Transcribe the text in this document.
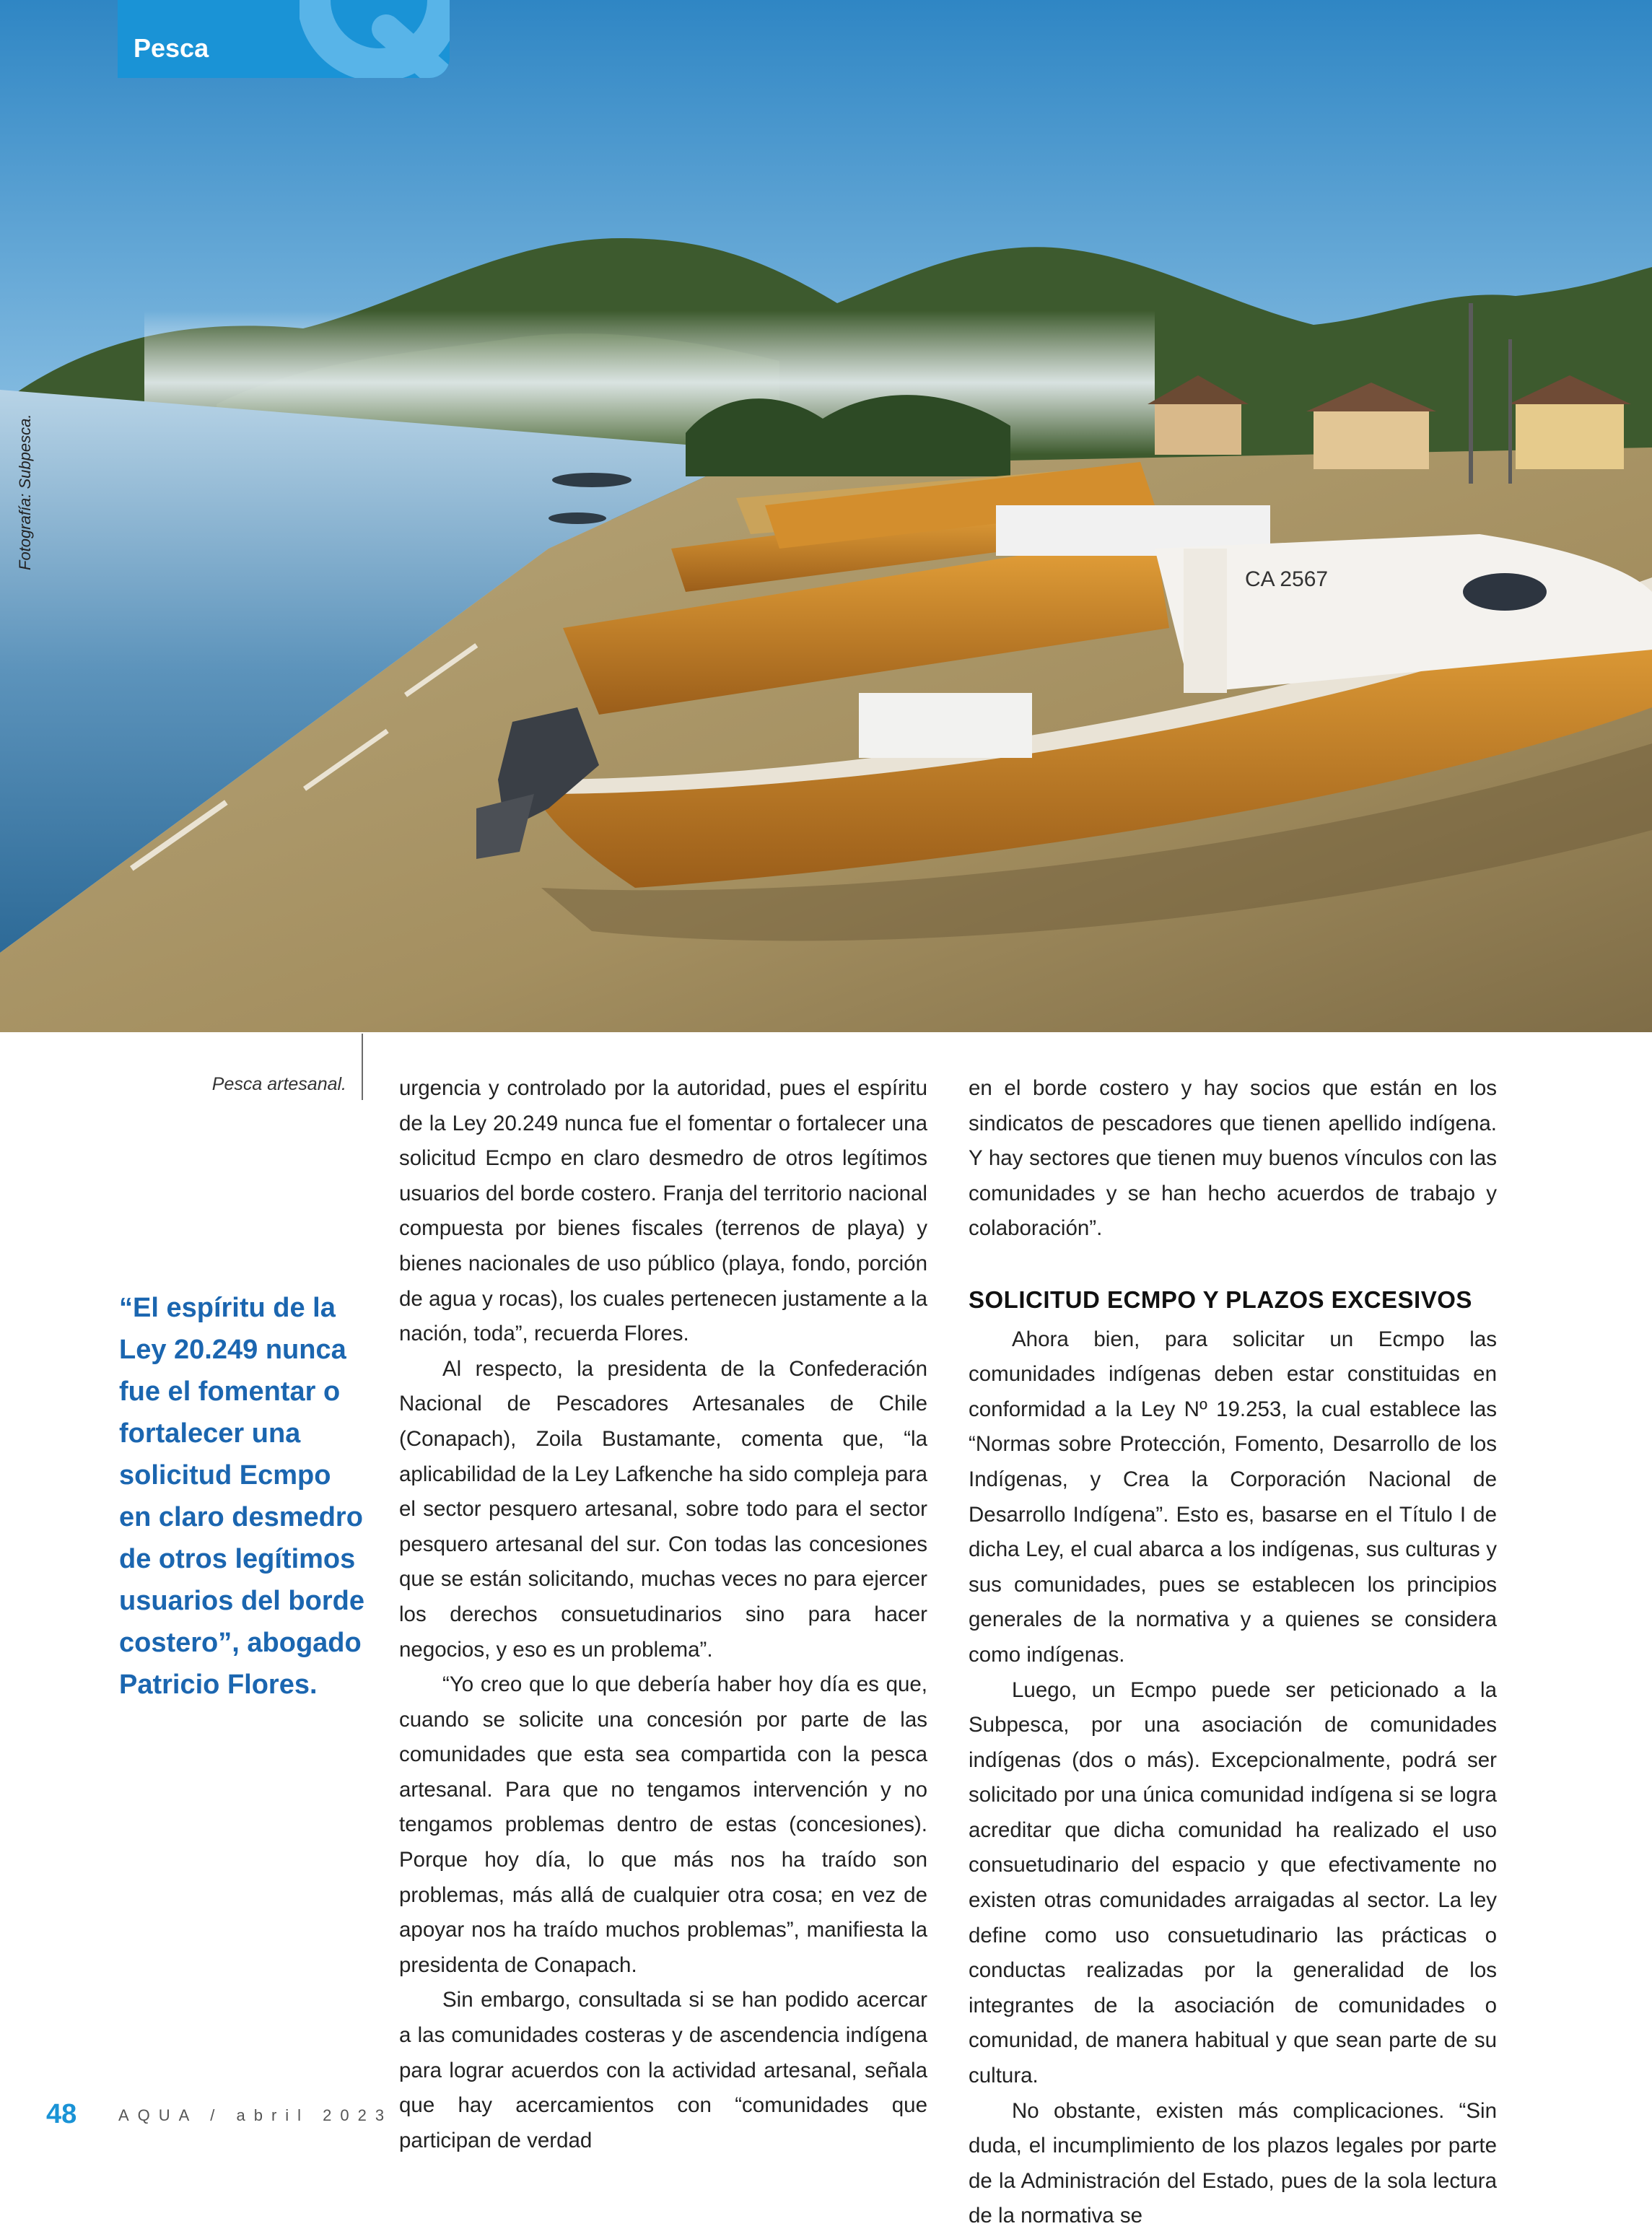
CA 2567
Pesca
Fotografía: Subpesca.
Pesca artesanal.
“El espíritu de la Ley 20.249 nunca fue el fomentar o fortalecer una solicitud Ecmpo en claro desmedro de otros legítimos usuarios del borde costero”, abogado Patricio Flores.

urgencia y controlado por la autoridad, pues el espíritu de la Ley 20.249 nunca fue el fomentar o fortalecer una solicitud Ecmpo en claro desmedro de otros legítimos usuarios del borde costero. Franja del territorio nacional compuesta por bienes fiscales (terrenos de playa) y bienes nacionales de uso público (playa, fondo, porción de agua y rocas), los cuales pertenecen justamente a la nación, toda”, recuerda Flores.

Al respecto, la presidenta de la Confederación Nacional de Pescadores Artesanales de Chile (Conapach), Zoila Bustamante, comenta que, “la aplicabilidad de la Ley Lafkenche ha sido compleja para el sector pesquero artesanal, sobre todo para el sector pesquero artesanal del sur. Con todas las concesiones que se están solicitando, muchas veces no para ejercer los derechos consuetudinarios sino para hacer negocios, y eso es un problema”.

“Yo creo que lo que debería haber hoy día es que, cuando se solicite una concesión por parte de las comunidades que esta sea compartida con la pesca artesanal. Para que no tengamos intervención y no tengamos problemas dentro de estas (concesiones). Porque hoy día, lo que más nos ha traído son problemas, más allá de cualquier otra cosa; en vez de apoyar nos ha traído muchos problemas”, manifiesta la presidenta de Conapach.

Sin embargo, consultada si se han podido acercar a las comunidades costeras y de ascendencia indígena para lograr acuerdos con la actividad artesanal, señala que hay acercamientos con “comunidades que participan de verdad

en el borde costero y hay socios que están en los sindicatos de pescadores que tienen apellido indígena. Y hay sectores que tienen muy buenos vínculos con las comunidades y se han hecho acuerdos de trabajo y colaboración”.

SOLICITUD ECMPO Y PLAZOS EXCESIVOS

Ahora bien, para solicitar un Ecmpo las comunidades indígenas deben estar constituidas en conformidad a la Ley Nº 19.253, la cual establece las “Normas sobre Protección, Fomento, Desarrollo de los Indígenas, y Crea la Corporación Nacional de Desarrollo Indígena”. Esto es, basarse en el Título I de dicha Ley, el cual abarca a los indígenas, sus culturas y sus comunidades, pues se establecen los principios generales de la normativa y a quienes se considera como indígenas.

Luego, un Ecmpo puede ser peticionado a la Subpesca, por una asociación de comunidades indígenas (dos o más). Excepcionalmente, podrá ser solicitado por una única comunidad indígena si se logra acreditar que dicha comunidad ha realizado el uso consuetudinario del espacio y que efectivamente no existen otras comunidades arraigadas al sector. La ley define como uso consuetudinario las prácticas o conductas realizadas por la generalidad de los integrantes de la asociación de comunidades o comunidad, de manera habitual y que sean parte de su cultura.

No obstante, existen más complicaciones. “Sin duda, el incumplimiento de los plazos legales por parte de la Administración del Estado, pues de la sola lectura de la normativa se

48	AQUA / abril 2023
